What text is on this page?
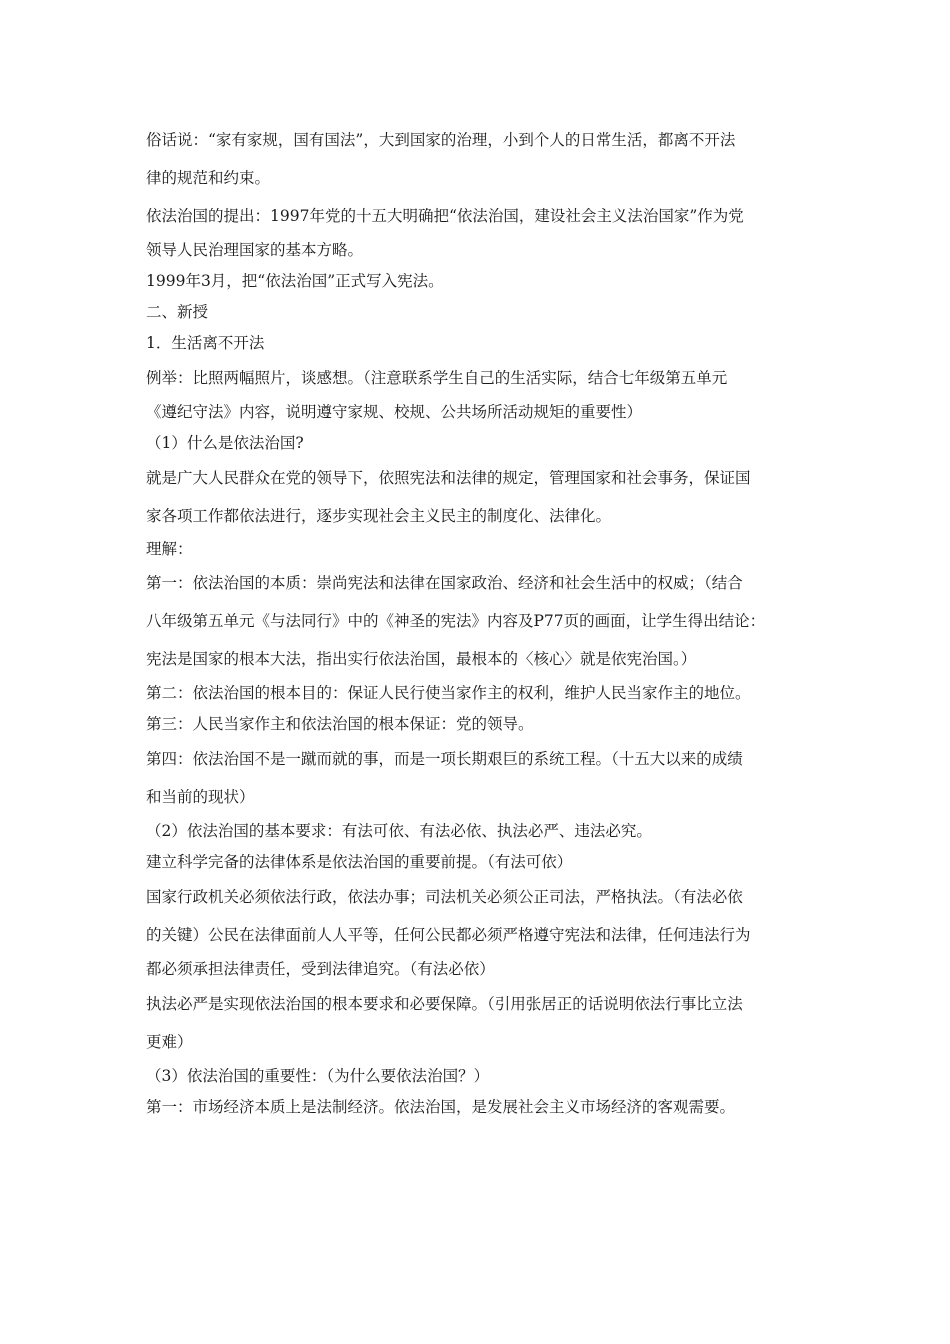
俗话说：“家有家规，国有国法”，大到国家的治理，小到个人的日常生活，都离不开法
律的规范和约束。
依法治国的提出：1997年党的十五大明确把“依法治国，建设社会主义法治国家”作为党
领导人民治理国家的基本方略。
1999年3月，把“依法治国”正式写入宪法。
二、新授
1．生活离不开法
例举：比照两幅照片，谈感想。（注意联系学生自己的生活实际，结合七年级第五单元
《遵纪守法》内容，说明遵守家规、校规、公共场所活动规矩的重要性）
（1）什么是依法治国?
就是广大人民群众在党的领导下，依照宪法和法律的规定，管理国家和社会事务，保证国
家各项工作都依法进行，逐步实现社会主义民主的制度化、法律化。
理解：
第一：依法治国的本质：崇尚宪法和法律在国家政治、经济和社会生活中的权威；（结合
八年级第五单元《与法同行》中的《神圣的宪法》内容及P77页的画面，让学生得出结论：
宪法是国家的根本大法，指出实行依法治国，最根本的〈核心〉就是依宪治国。）
第二：依法治国的根本目的：保证人民行使当家作主的权利，维护人民当家作主的地位。
第三：人民当家作主和依法治国的根本保证：党的领导。
第四：依法治国不是一蹴而就的事，而是一项长期艰巨的系统工程。（十五大以来的成绩
和当前的现状）
（2）依法治国的基本要求：有法可依、有法必依、执法必严、违法必究。
建立科学完备的法律体系是依法治国的重要前提。（有法可依）
国家行政机关必须依法行政，依法办事；司法机关必须公正司法，严格执法。（有法必依
的关键）公民在法律面前人人平等，任何公民都必须严格遵守宪法和法律，任何违法行为
都必须承担法律责任，受到法律追究。（有法必依）
执法必严是实现依法治国的根本要求和必要保障。（引用张居正的话说明依法行事比立法
更难）
（3）依法治国的重要性：（为什么要依法治国？）
第一：市场经济本质上是法制经济。依法治国，是发展社会主义市场经济的客观需要。
